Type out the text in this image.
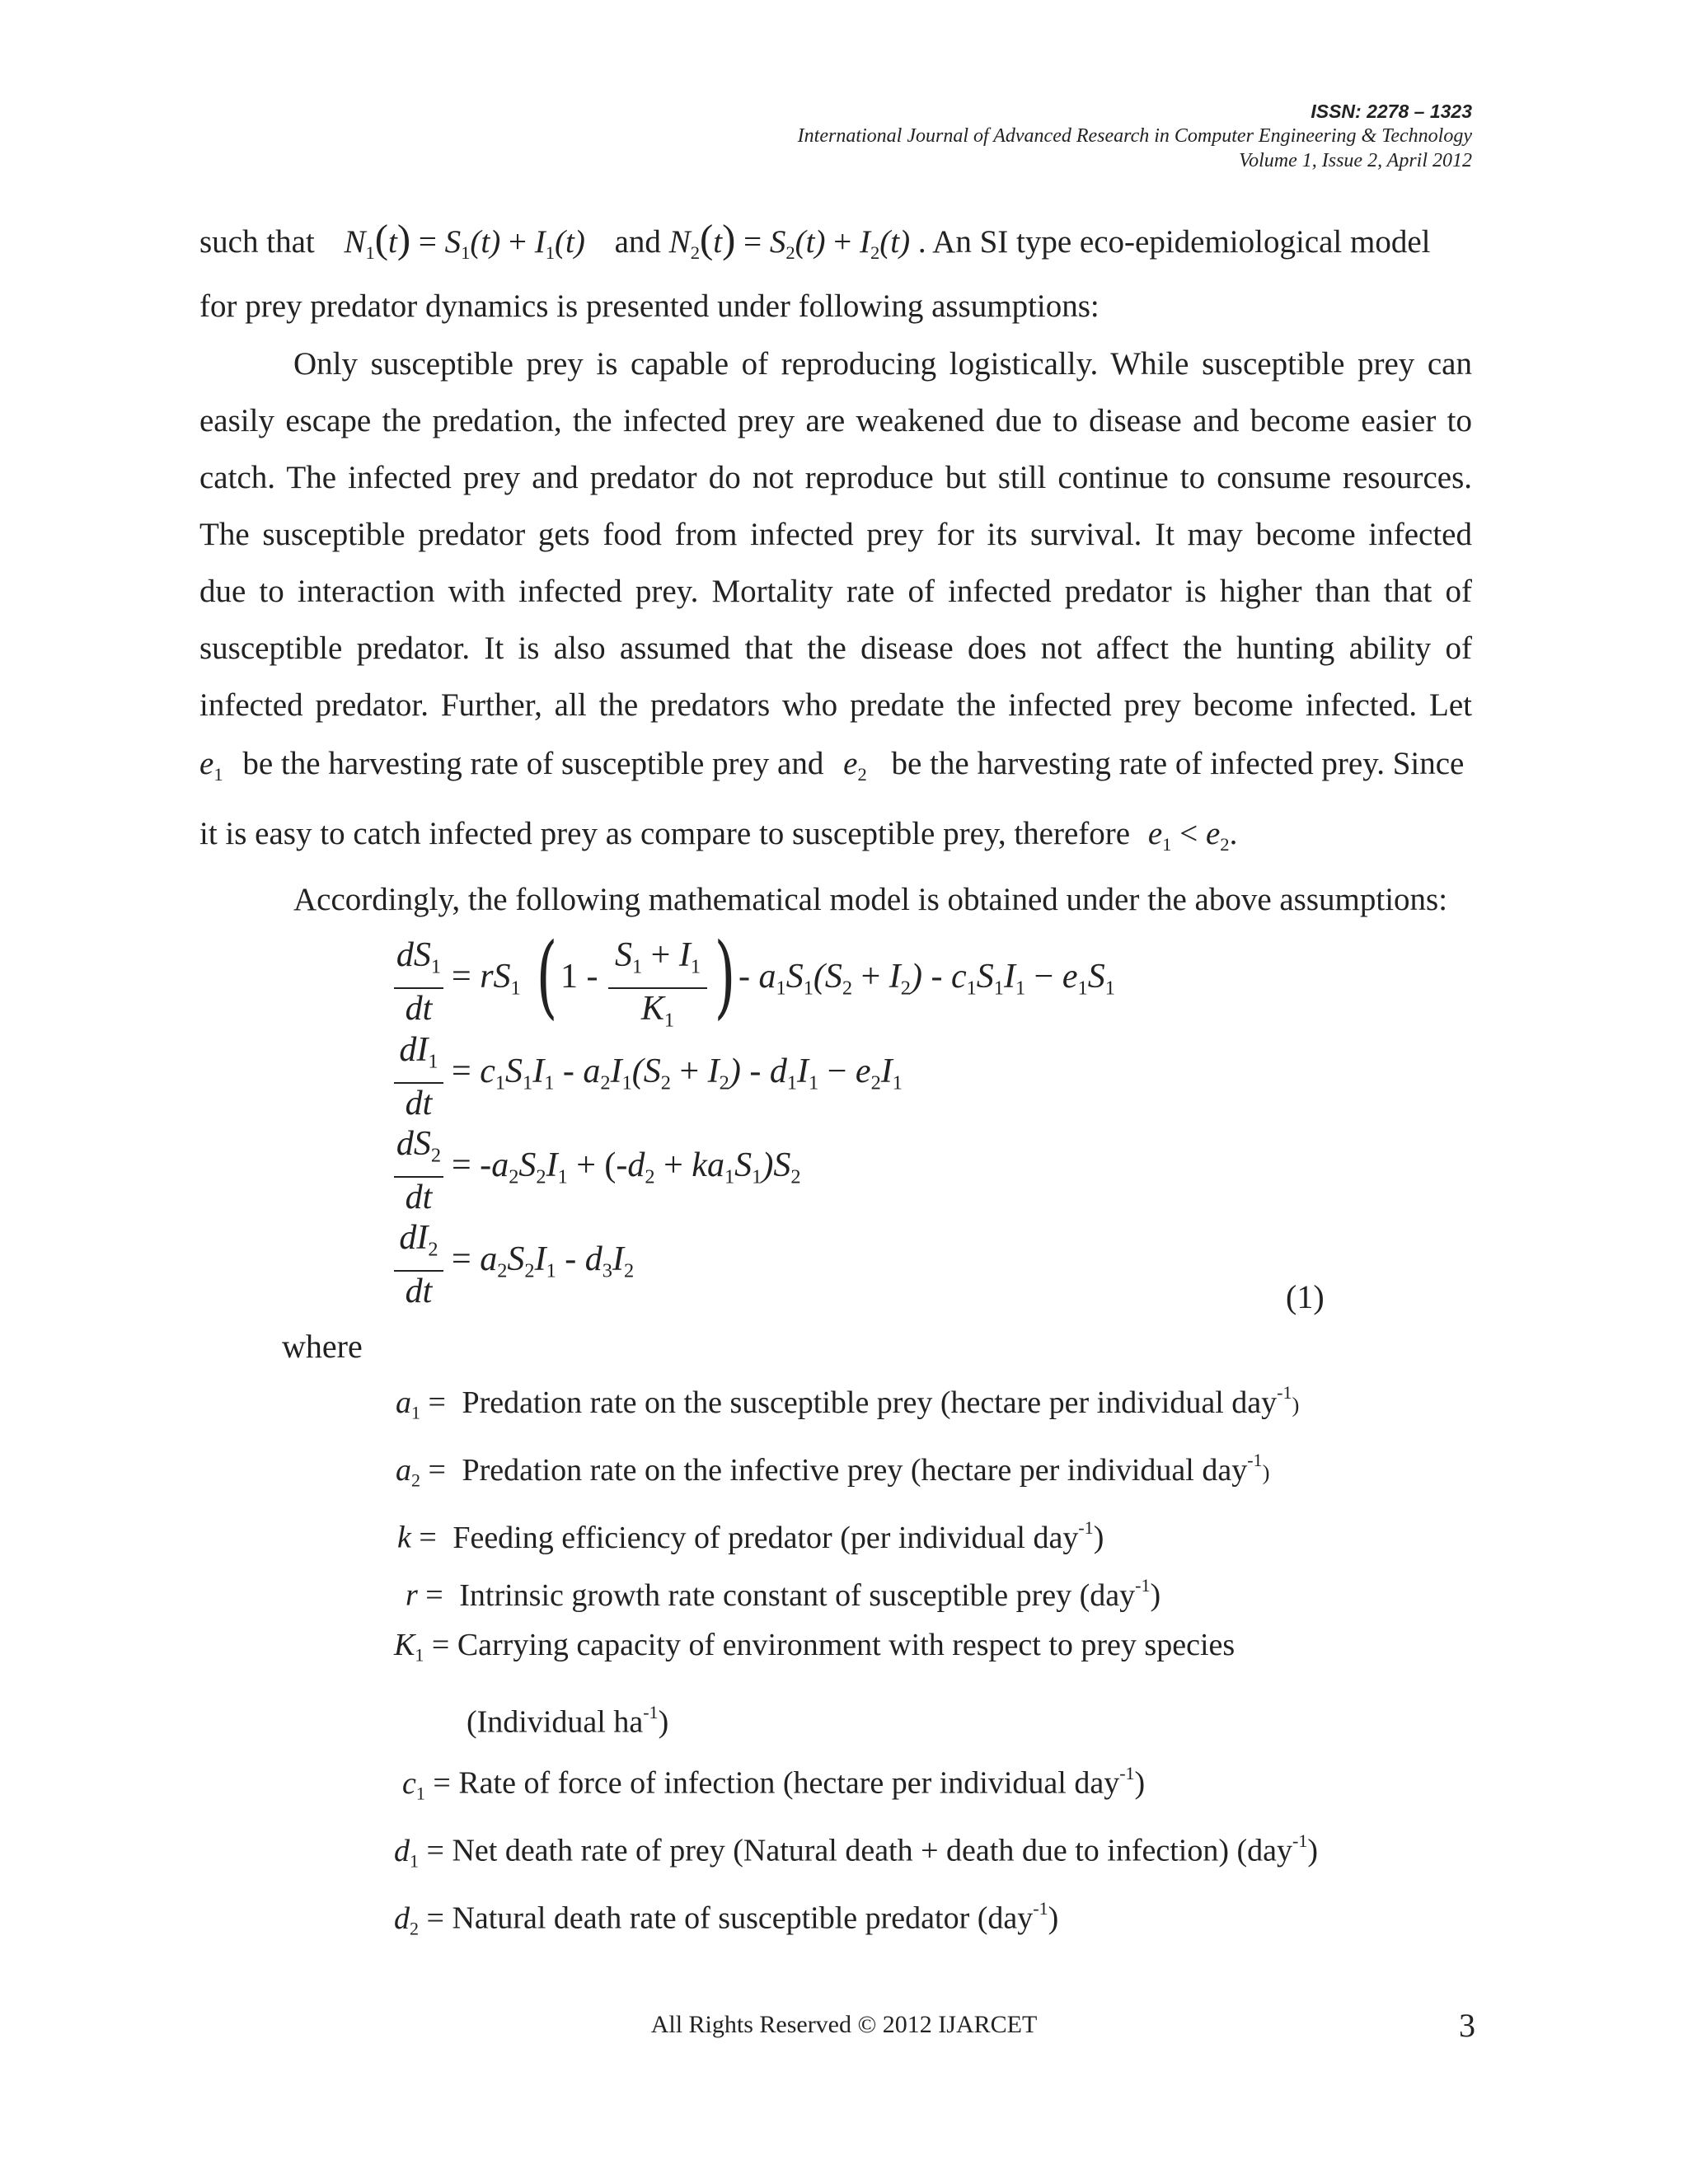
ISSN: 2278 – 1323
International Journal of Advanced Research in Computer Engineering & Technology
Volume 1, Issue 2, April 2012
such that $N_1(t) = S_1(t) + I_1(t)$ and $N_2(t) = S_2(t) + I_2(t)$ . An SI type eco-epidemiological model
for prey predator dynamics is presented under following assumptions:
Only susceptible prey is capable of reproducing logistically. While susceptible prey can
easily escape the predation, the infected prey are weakened due to disease and become easier to
catch. The infected prey and predator do not reproduce but still continue to consume resources.
The susceptible predator gets food from infected prey for its survival. It may become infected
due to interaction with infected prey. Mortality rate of infected predator is higher than that of
susceptible predator. It is also assumed that the disease does not affect the hunting ability of
infected predator. Further, all the predators who predate the infected prey become infected. Let
$e_1$ be the harvesting rate of susceptible prey and $e_2$ be the harvesting rate of infected prey. Since
it is easy to catch infected prey as compare to susceptible prey, therefore $e_1 < e_2$.
Accordingly, the following mathematical model is obtained under the above assumptions:
$dS_1$
dt
= $rS_1$ ( 1 -
$S_1 + I_1$
$K_1$ ) - $a_1S_1(S_2 + I_2) - c_1S_1I_1 - e_1S_1$
$dI_1$
dt
= $c_1S_1I_1 - a_2I_1(S_2 + I_2) - d_1I_1 - e_2I_1$
$dS_2$
dt
= $-a_2S_2I_1 + (-d_2 + ka_1S_1)S_2$
$dI_2$
dt
= $a_2S_2I_1 - d_3I_2$
(1)
where
$a_1$ = Predation rate on the susceptible prey (hectare per individual day$^{-1}$)
$a_2$ = Predation rate on the infective prey (hectare per individual day$^{-1}$)
k = Feeding efficiency of predator (per individual day$^{-1}$)
r = Intrinsic growth rate constant of susceptible prey (day$^{-1}$)
$K_1$ = Carrying capacity of environment with respect to prey species
(Individual $ha^{-1}$)
$c_1$ = Rate of force of infection (hectare per individual day$^{-1}$)
$d_1$ = Net death rate of prey (Natural death + death due to infection) (day$^{-1}$)
$d_2$ = Natural death rate of susceptible predator (day$^{-1}$)
All Rights Reserved © 2012 IJARCET	3
